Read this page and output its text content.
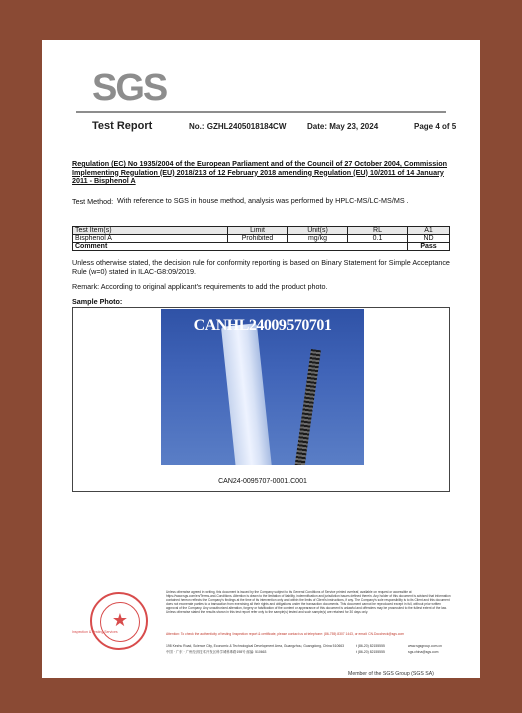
SGS
Test Report	No.: GZHL2405018184CW	Date: May 23, 2024	Page 4 of 5
Regulation (EC) No 1935/2004 of the European Parliament and of the Council of 27 October 2004, Commission Implementing Regulation (EU) 2018/213 of 12 February 2018 amending Regulation (EU) 10/2011 of 14 January 2011 - Bisphenol A
Test Method: With reference to SGS in house method, analysis was performed by HPLC-MS/LC-MS/MS .
Test Item(s)	Limit	Unit(s)	RL	A1
Bisphenol A	Prohibited	mg/kg	0.1	ND
Comment				Pass
Unless otherwise stated, the decision rule for conformity reporting is based on Binary Statement for Simple Acceptance Rule (w=0) stated in ILAC-G8:09/2019.
Remark: According to original applicant's requirements to add the product photo.
Sample Photo:
CANHL24009570701
CAN24-0095707-0001.C001
★
Inspection & Testing Services
Unless otherwise agreed in writing, this document is issued by the Company subject to its General Conditions of Service printed overleaf, available on request or accessible at https://www.sgs.com/en/Terms-and-Conditions. Attention is drawn to the limitation of liability, indemnification and jurisdiction issues defined therein. Any holder of this document is advised that information contained hereon reflects the Company's findings at the time of its intervention only and within the limits of Client's instructions, if any. The Company's sole responsibility is to its Client and this document does not exonerate parties to a transaction from exercising all their rights and obligations under the transaction documents. This document cannot be reproduced except in full, without prior written approval of the Company. Any unauthorized alteration, forgery or falsification of the content or appearance of this document is unlawful and offenders may be prosecuted to the fullest extent of the law. Unless otherwise stated the results shown in this test report refer only to the sample(s) tested and such sample(s) are retained for 30 days only.
Attention: To check the authenticity of testing /inspection report & certificate, please contact us at telephone: (86-755) 8307 1443, or email: CN.Doccheck@sgs.com
198 Kezhu Road, Science City, Economic & Technological Development Area, Guangzhou, Guangdong, China 510663	t (86-20) 82155555	www.sgsgroup.com.cn
中国 · 广东 · 广州经济技术开发区科学城科珠路198号 邮编: 510663	t (86-20) 82155555	sgs.china@sgs.com
Member of the SGS Group (SGS SA)
